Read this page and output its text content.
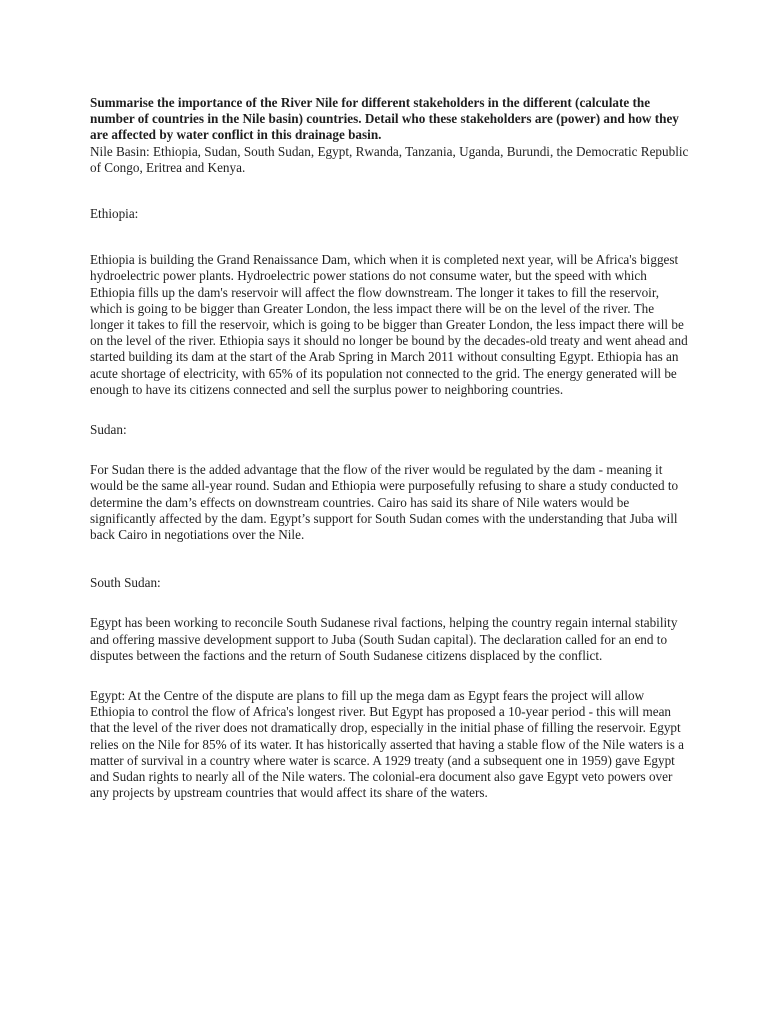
Summarise the importance of the River Nile for different stakeholders in the different (calculate the number of countries in the Nile basin) countries. Detail who these stakeholders are (power) and how they are affected by water conflict in this drainage basin.

Nile Basin: Ethiopia, Sudan, South Sudan, Egypt, Rwanda, Tanzania, Uganda, Burundi, the Democratic Republic of Congo, Eritrea and Kenya.

Ethiopia:

Ethiopia is building the Grand Renaissance Dam, which when it is completed next year, will be Africa's biggest hydroelectric power plants. Hydroelectric power stations do not consume water, but the speed with which Ethiopia fills up the dam's reservoir will affect the flow downstream. The longer it takes to fill the reservoir, which is going to be bigger than Greater London, the less impact there will be on the level of the river. The longer it takes to fill the reservoir, which is going to be bigger than Greater London, the less impact there will be on the level of the river. Ethiopia says it should no longer be bound by the decades-old treaty and went ahead and started building its dam at the start of the Arab Spring in March 2011 without consulting Egypt. Ethiopia has an acute shortage of electricity, with 65% of its population not connected to the grid. The energy generated will be enough to have its citizens connected and sell the surplus power to neighboring countries.

Sudan:

For Sudan there is the added advantage that the flow of the river would be regulated by the dam - meaning it would be the same all-year round. Sudan and Ethiopia were purposefully refusing to share a study conducted to determine the dam’s effects on downstream countries. Cairo has said its share of Nile waters would be significantly affected by the dam. Egypt’s support for South Sudan comes with the understanding that Juba will back Cairo in negotiations over the Nile.

South Sudan:

Egypt has been working to reconcile South Sudanese rival factions, helping the country regain internal stability and offering massive development support to Juba (South Sudan capital). The declaration called for an end to disputes between the factions and the return of South Sudanese citizens displaced by the conflict.

Egypt: At the Centre of the dispute are plans to fill up the mega dam as Egypt fears the project will allow Ethiopia to control the flow of Africa's longest river. But Egypt has proposed a 10-year period - this will mean that the level of the river does not dramatically drop, especially in the initial phase of filling the reservoir. Egypt relies on the Nile for 85% of its water. It has historically asserted that having a stable flow of the Nile waters is a matter of survival in a country where water is scarce. A 1929 treaty (and a subsequent one in 1959) gave Egypt and Sudan rights to nearly all of the Nile waters. The colonial-era document also gave Egypt veto powers over any projects by upstream countries that would affect its share of the waters.
